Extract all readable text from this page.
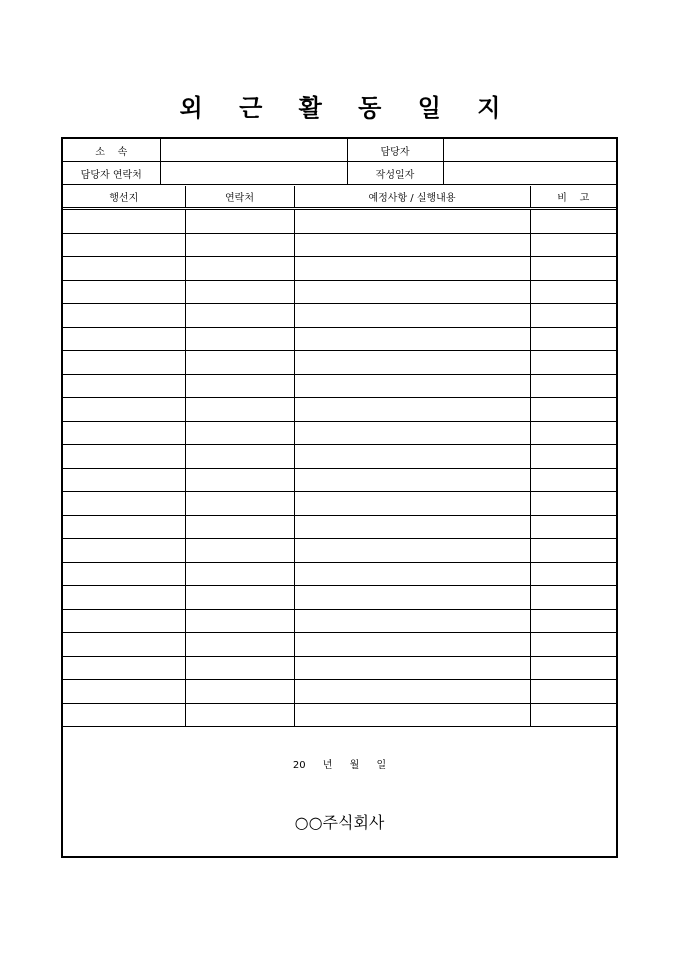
외 근 활 동 일 지
소    속		담당자	
담당자 연락처		작성일자	
행선지	연락처	예정사항 / 실행내용	비    고

20 년 월 일
○○주식회사
